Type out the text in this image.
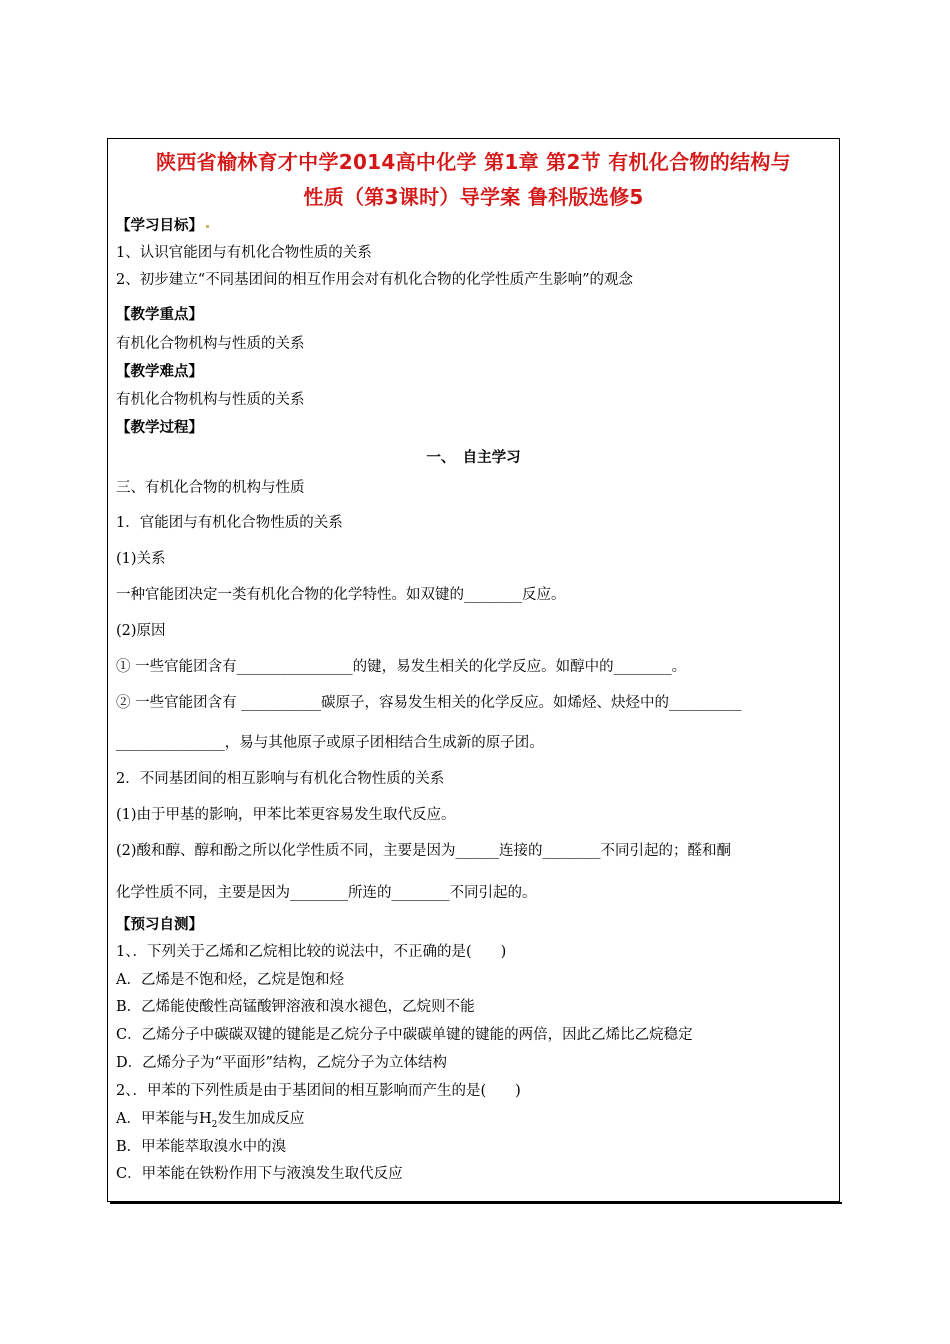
陕西省榆林育才中学2014高中化学 第1章 第2节 有机化合物的结构与
性质（第3课时）导学案 鲁科版选修5
【学习目标】
1、认识官能团与有机化合物性质的关系
2、初步建立“不同基团间的相互作用会对有机化合物的化学性质产生影响”的观念
【教学重点】
有机化合物机构与性质的关系
【教学难点】
有机化合物机构与性质的关系
【教学过程】
一、　自主学习
三、有机化合物的机构与性质
1．官能团与有机化合物性质的关系
(1)关系
一种官能团决定一类有机化合物的化学特性。如双键的________反应。
(2)原因
① 一些官能团含有________________的键，易发生相关的化学反应。如醇中的________。
② 一些官能团含有 ___________碳原子，容易发生相关的化学反应。如烯烃、炔烃中的__________
_______________，易与其他原子或原子团相结合生成新的原子团。
2．不同基团间的相互影响与有机化合物性质的关系
(1)由于甲基的影响，甲苯比苯更容易发生取代反应。
(2)酸和醇、醇和酚之所以化学性质不同，主要是因为______连接的________不同引起的；醛和酮
化学性质不同，主要是因为________所连的________不同引起的。
【预习自测】
1、．下列关于乙烯和乙烷相比较的说法中，不正确的是(　　)
A．乙烯是不饱和烃，乙烷是饱和烃
B．乙烯能使酸性高锰酸钾溶液和溴水褪色，乙烷则不能
C．乙烯分子中碳碳双键的键能是乙烷分子中碳碳单键的键能的两倍，因此乙烯比乙烷稳定
D．乙烯分子为“平面形”结构，乙烷分子为立体结构
2、．甲苯的下列性质是由于基团间的相互影响而产生的是(　　)
A．甲苯能与$H_2$发生加成反应
B．甲苯能萃取溴水中的溴
C．甲苯能在铁粉作用下与液溴发生取代反应
